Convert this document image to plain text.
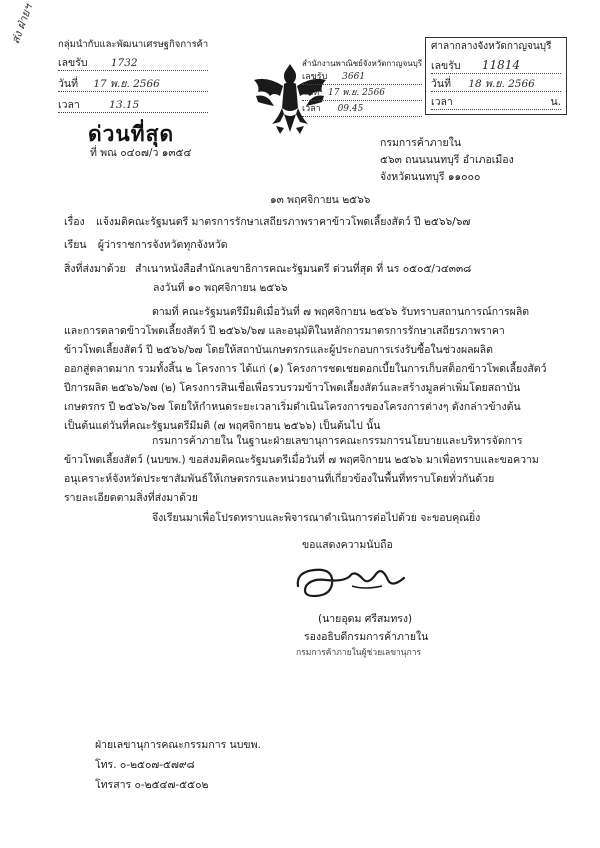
ส่ง ฝ่ายฯ กลุ่มนำกับและพัฒนาเศรษฐกิจการค้า
เลขรับ 1732
วันที่ 17 พ.ย. 2566
เวลา	13.15
ด่วนที่สุด
ที่ พณ ๐๔๐๗/ว ๑๓๕๔
สำนักงานพาณิชย์จังหวัดกาญจนบุรี
เลขรับ 3661
วันที่ 17 พ.ย. 2566
เวลา 09.45
ศาลากลางจังหวัดกาญจนบุรี
เลขรับ 11814
วันที่ 18 พ.ย. 2566
เวลา	น.
กรมการค้าภายใน
๕๖๓ ถนนนนทบุรี อำเภอเมือง
จังหวัดนนทบุรี ๑๑๐๐๐
๑๓ พฤศจิกายน ๒๕๖๖
เรื่อง แจ้งมติคณะรัฐมนตรี มาตรการรักษาเสถียรภาพราคาข้าวโพดเลี้ยงสัตว์ ปี ๒๕๖๖/๖๗
เรียน ผู้ว่าราชการจังหวัดทุกจังหวัด
สิ่งที่ส่งมาด้วย สำเนาหนังสือสำนักเลขาธิการคณะรัฐมนตรี ด่วนที่สุด ที่ นร ๐๕๐๕/ว๔๓๓๘
ลงวันที่ ๑๐ พฤศจิกายน ๒๕๖๖
ตามที่ คณะรัฐมนตรีมีมติเมื่อวันที่ ๗ พฤศจิกายน ๒๕๖๖ รับทราบสถานการณ์การผลิต
และการตลาดข้าวโพดเลี้ยงสัตว์ ปี ๒๕๖๖/๖๗ และอนุมัติในหลักการมาตรการรักษาเสถียรภาพราคา
ข้าวโพดเลี้ยงสัตว์ ปี ๒๕๖๖/๖๗ โดยให้สถาบันเกษตรกรและผู้ประกอบการเร่งรับซื้อในช่วงผลผลิต
ออกสู่ตลาดมาก รวมทั้งสิ้น ๒ โครงการ ได้แก่ (๑) โครงการชดเชยดอกเบี้ยในการเก็บสต็อกข้าวโพดเลี้ยงสัตว์
ปีการผลิต ๒๕๖๖/๖๗ (๒) โครงการสินเชื่อเพื่อรวบรวมข้าวโพดเลี้ยงสัตว์และสร้างมูลค่าเพิ่มโดยสถาบัน
เกษตรกร ปี ๒๕๖๖/๖๗ โดยให้กำหนดระยะเวลาเริ่มดำเนินโครงการของโครงการต่างๆ ดังกล่าวข้างต้น
เป็นต้นแต่วันที่คณะรัฐมนตรีมีมติ (๗ พฤศจิกายน ๒๕๖๖) เป็นต้นไป นั้น
กรมการค้าภายใน ในฐานะฝ่ายเลขานุการคณะกรรมการนโยบายและบริหารจัดการ
ข้าวโพดเลี้ยงสัตว์ (นบขพ.) ขอส่งมติคณะรัฐมนตรีเมื่อวันที่ ๗ พฤศจิกายน ๒๕๖๖ มาเพื่อทราบและขอความ
อนุเคราะห์จังหวัดประชาสัมพันธ์ให้เกษตรกรและหน่วยงานที่เกี่ยวข้องในพื้นที่ทราบโดยทั่วกันด้วย
รายละเอียดตามสิ่งที่ส่งมาด้วย
จึงเรียนมาเพื่อโปรดทราบและพิจารณาดำเนินการต่อไปด้วย จะขอบคุณยิ่ง
ขอแสดงความนับถือ
(นายอุดม ศรีสมทรง)
รองอธิบดีกรมการค้าภายใน
กรมการค้าภายในผู้ช่วยเลขานุการ
ฝ่ายเลขานุการคณะกรรมการ นบขพ.
โทร. ๐-๒๕๐๗-๕๗๙๘
โทรสาร ๐-๒๕๔๗-๕๕๐๒
